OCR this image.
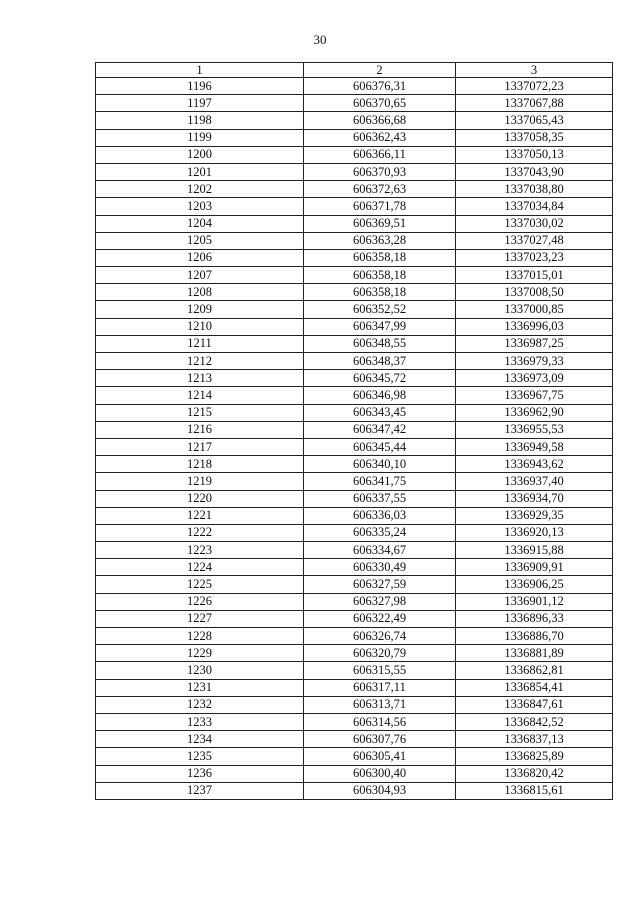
30
1	2	3
1196	606376,31	1337072,23
1197	606370,65	1337067,88
1198	606366,68	1337065,43
1199	606362,43	1337058,35
1200	606366,11	1337050,13
1201	606370,93	1337043,90
1202	606372,63	1337038,80
1203	606371,78	1337034,84
1204	606369,51	1337030,02
1205	606363,28	1337027,48
1206	606358,18	1337023,23
1207	606358,18	1337015,01
1208	606358,18	1337008,50
1209	606352,52	1337000,85
1210	606347,99	1336996,03
1211	606348,55	1336987,25
1212	606348,37	1336979,33
1213	606345,72	1336973,09
1214	606346,98	1336967,75
1215	606343,45	1336962,90
1216	606347,42	1336955,53
1217	606345,44	1336949,58
1218	606340,10	1336943,62
1219	606341,75	1336937,40
1220	606337,55	1336934,70
1221	606336,03	1336929,35
1222	606335,24	1336920,13
1223	606334,67	1336915,88
1224	606330,49	1336909,91
1225	606327,59	1336906,25
1226	606327,98	1336901,12
1227	606322,49	1336896,33
1228	606326,74	1336886,70
1229	606320,79	1336881,89
1230	606315,55	1336862,81
1231	606317,11	1336854,41
1232	606313,71	1336847,61
1233	606314,56	1336842,52
1234	606307,76	1336837,13
1235	606305,41	1336825,89
1236	606300,40	1336820,42
1237	606304,93	1336815,61
